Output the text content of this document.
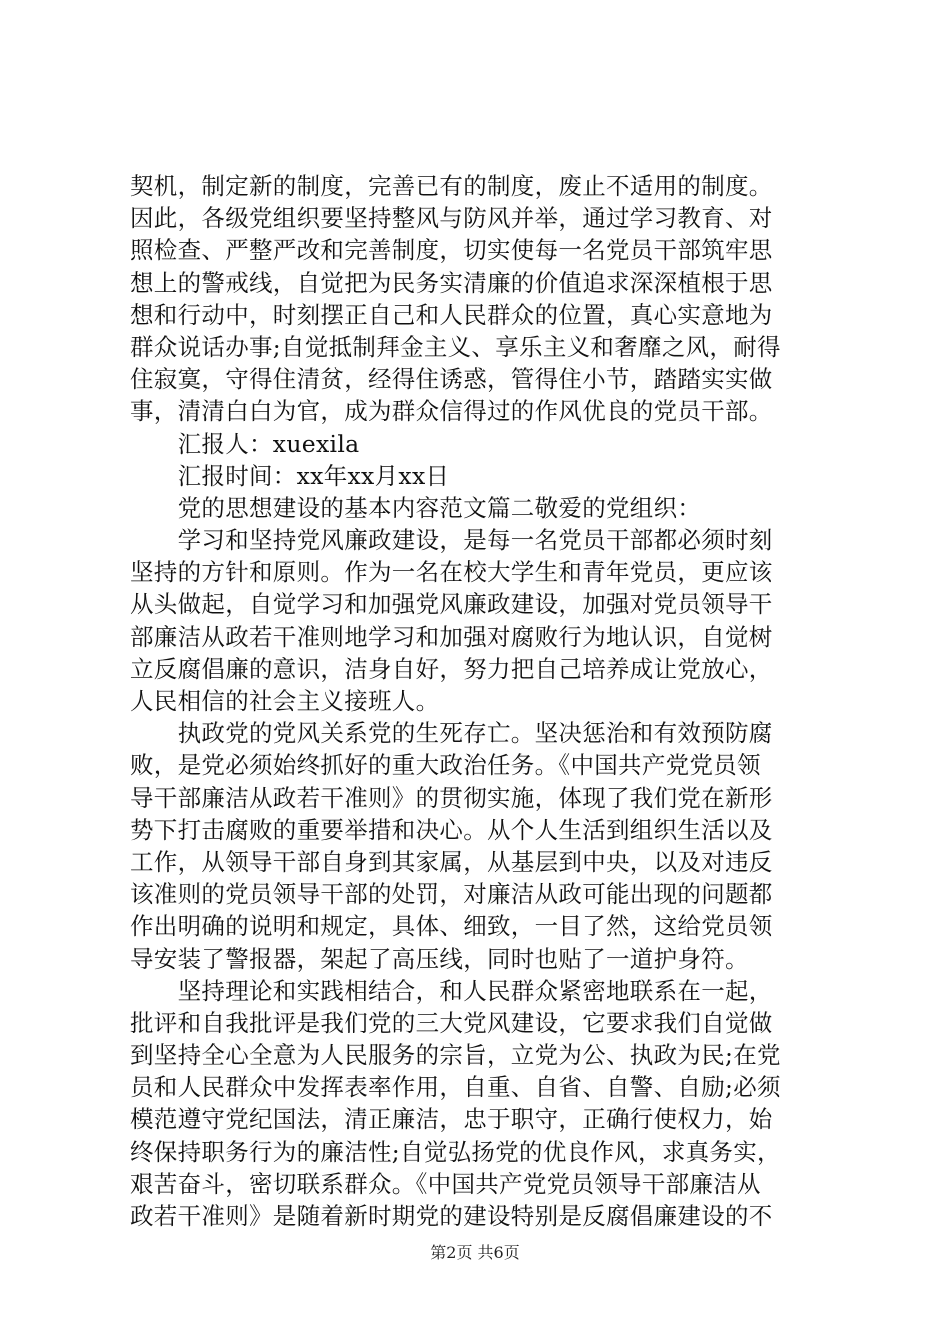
契机，制定新的制度，完善已有的制度，废止不适用的制度。
因此，各级党组织要坚持整风与防风并举，通过学习教育、对
照检查、严整严改和完善制度，切实使每一名党员干部筑牢思
想上的警戒线，自觉把为民务实清廉的价值追求深深植根于思
想和行动中，时刻摆正自己和人民群众的位置，真心实意地为
群众说话办事;自觉抵制拜金主义、享乐主义和奢靡之风，耐得
住寂寞，守得住清贫，经得住诱惑，管得住小节，踏踏实实做
事，清清白白为官，成为群众信得过的作风优良的党员干部。
　　汇报人：xuexila
　　汇报时间：xx年xx月xx日
　　党的思想建设的基本内容范文篇二敬爱的党组织：
　　学习和坚持党风廉政建设，是每一名党员干部都必须时刻
坚持的方针和原则。作为一名在校大学生和青年党员，更应该
从头做起，自觉学习和加强党风廉政建设，加强对党员领导干
部廉洁从政若干准则地学习和加强对腐败行为地认识，自觉树
立反腐倡廉的意识，洁身自好，努力把自己培养成让党放心，
人民相信的社会主义接班人。
　　执政党的党风关系党的生死存亡。坚决惩治和有效预防腐
败，是党必须始终抓好的重大政治任务。《中国共产党党员领
导干部廉洁从政若干准则》的贯彻实施，体现了我们党在新形
势下打击腐败的重要举措和决心。从个人生活到组织生活以及
工作，从领导干部自身到其家属，从基层到中央，以及对违反
该准则的党员领导干部的处罚，对廉洁从政可能出现的问题都
作出明确的说明和规定，具体、细致，一目了然，这给党员领
导安装了警报器，架起了高压线，同时也贴了一道护身符。
　　坚持理论和实践相结合，和人民群众紧密地联系在一起，
批评和自我批评是我们党的三大党风建设，它要求我们自觉做
到坚持全心全意为人民服务的宗旨，立党为公、执政为民;在党
员和人民群众中发挥表率作用，自重、自省、自警、自励;必须
模范遵守党纪国法，清正廉洁，忠于职守，正确行使权力，始
终保持职务行为的廉洁性;自觉弘扬党的优良作风，求真务实，
艰苦奋斗，密切联系群众。《中国共产党党员领导干部廉洁从
政若干准则》是随着新时期党的建设特别是反腐倡廉建设的不
第2页 共6页
